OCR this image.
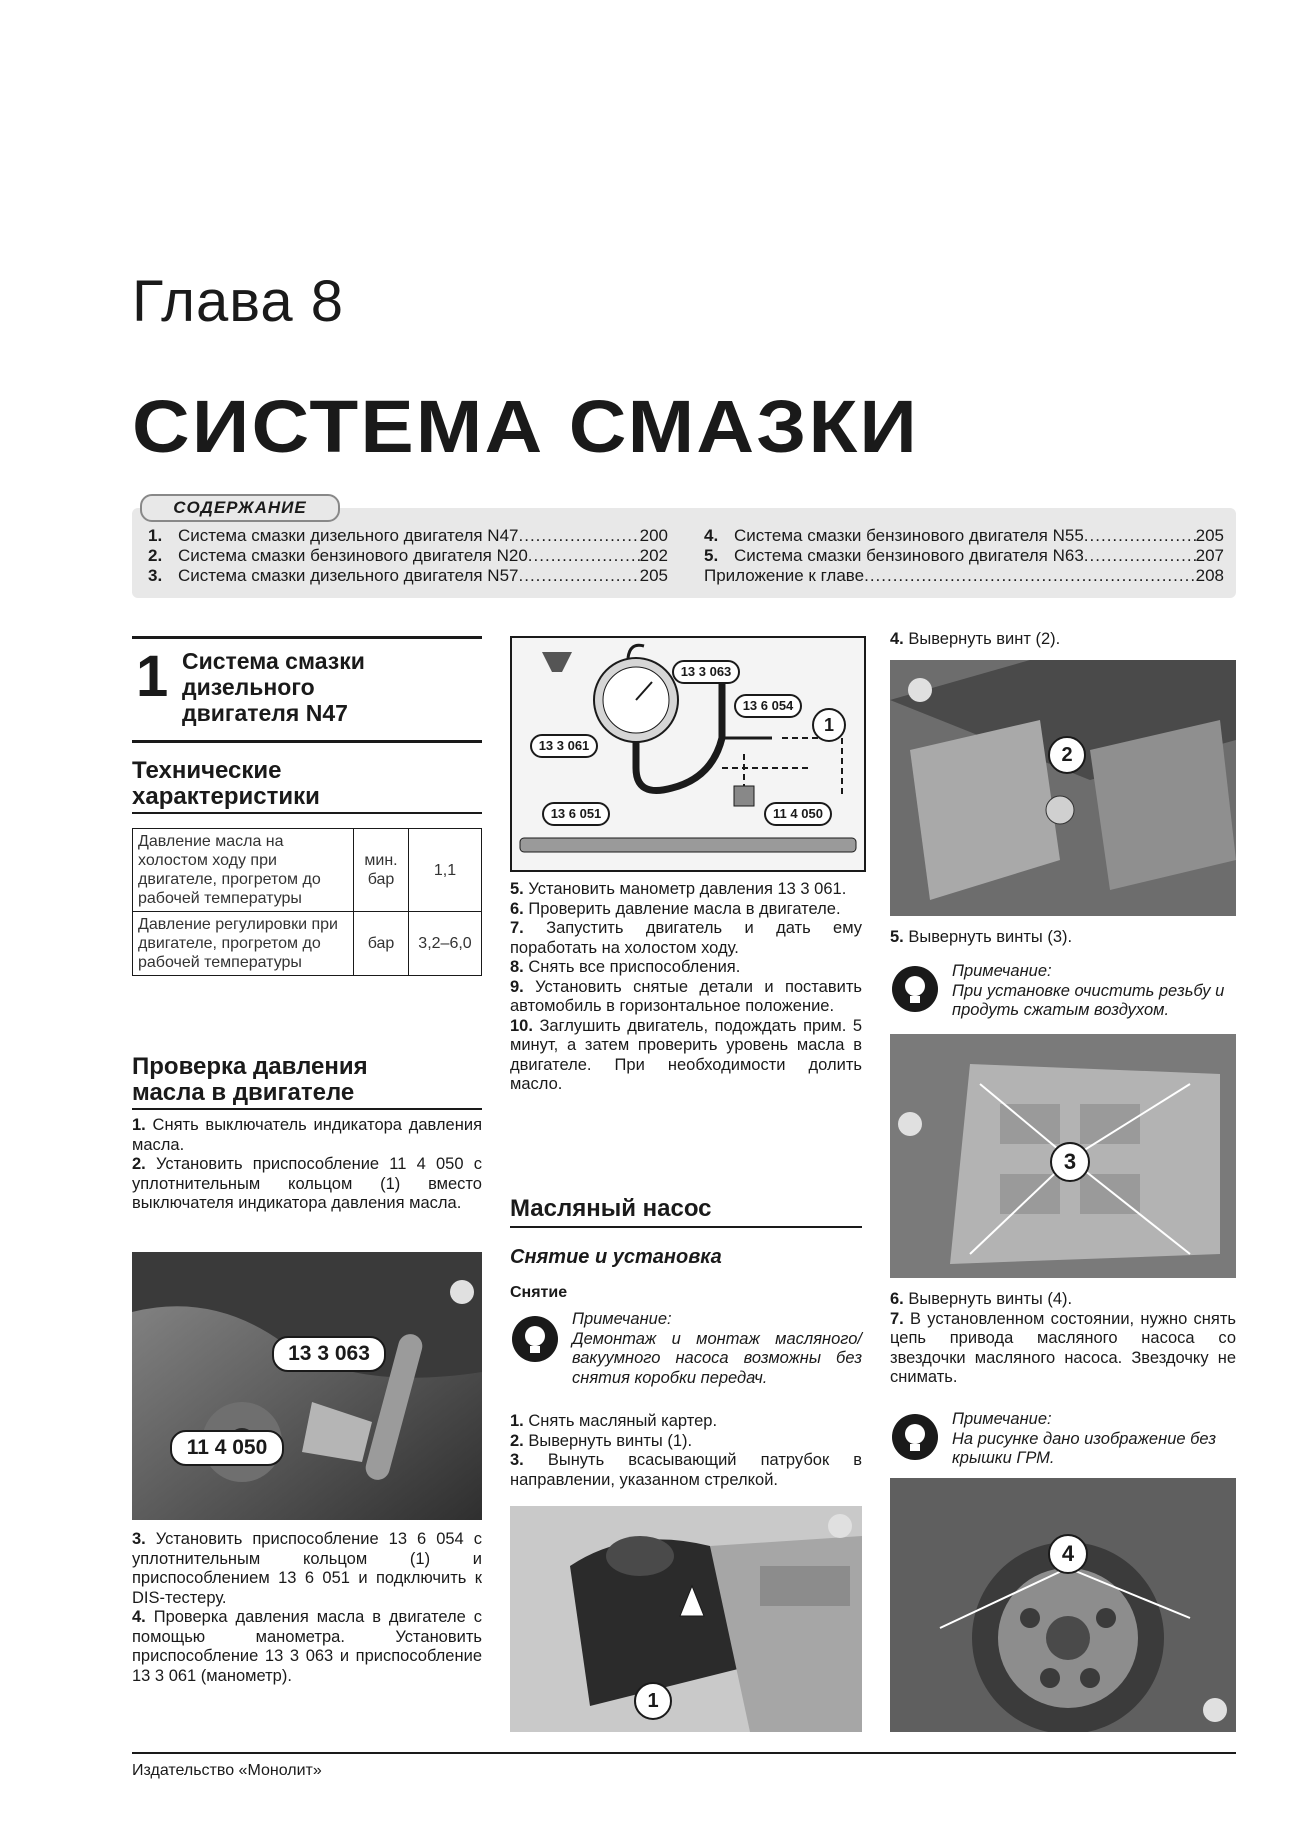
Глава 8
СИСТЕМА СМАЗКИ
СОДЕРЖАНИЕ
1. Система смазки дизельного двигателя N47 .....	200
2. Система смазки бензинового двигателя N20 .....	202
3. Система смазки дизельного двигателя N57 .....	205
4. Система смазки бензинового двигателя N55 .....	205
5. Система смазки бензинового двигателя N63 .....	207
Приложение к главе .....	208
1 Система смазки
дизельного
двигателя N47
Технические
характеристики
Давление масла на холостом ходу при двигателе, прогретом до рабочей температуры	мин. бар	1,1
Давление регулировки при двигателе, прогретом до рабочей температуры	бар	3,2–6,0
Проверка давления
масла в двигателе

1. Снять выключатель индикатора давления масла.

2. Установить приспособление 11 4 050 с уплотнительным кольцом (1) вместо выключателя индикатора давления масла.

13 3 063
11 4 050

3. Установить приспособление 13 6 054 с уплотнительным кольцом (1) и приспособлением 13 6 051 и подключить к DIS-тестеру.

4. Проверка давления масла в двигателе с помощью манометра. Установить приспособление 13 3 063 и приспособление 13 3 061 (манометр).

13 3 063
13 6 054
13 3 061
13 6 051	11 4 050
1

5. Установить манометр давления 13 3 061.

6. Проверить давление масла в двигателе.

7. Запустить двигатель и дать ему поработать на холостом ходу.

8. Снять все приспособления.

9. Установить снятые детали и поставить автомобиль в горизонтальное положение.

10. Заглушить двигатель, подождать прим. 5 минут, а затем проверить уровень масла в двигателе. При необходимости долить масло.

Масляный насос
Снятие и установка
Снятие
Примечание:
Демонтаж и монтаж масляного/вакуумного насоса возможны без снятия коробки передач.

1. Снять масляный картер.

2. Вывернуть винты (1).

3. Вынуть всасывающий патрубок в направлении, указанном стрелкой.

1

4. Вывернуть винт (2).

2

5. Вывернуть винты (3).

Примечание:
При установке очистить резьбу и продуть сжатым воздухом.
3

6. Вывернуть винты (4).

7. В установленном состоянии, нужно снять цепь привода масляного насоса со звездочки масляного насоса. Звездочку не снимать.

Примечание:
На рисунке дано изображение без крышки ГРМ.
4
Издательство «Монолит»
